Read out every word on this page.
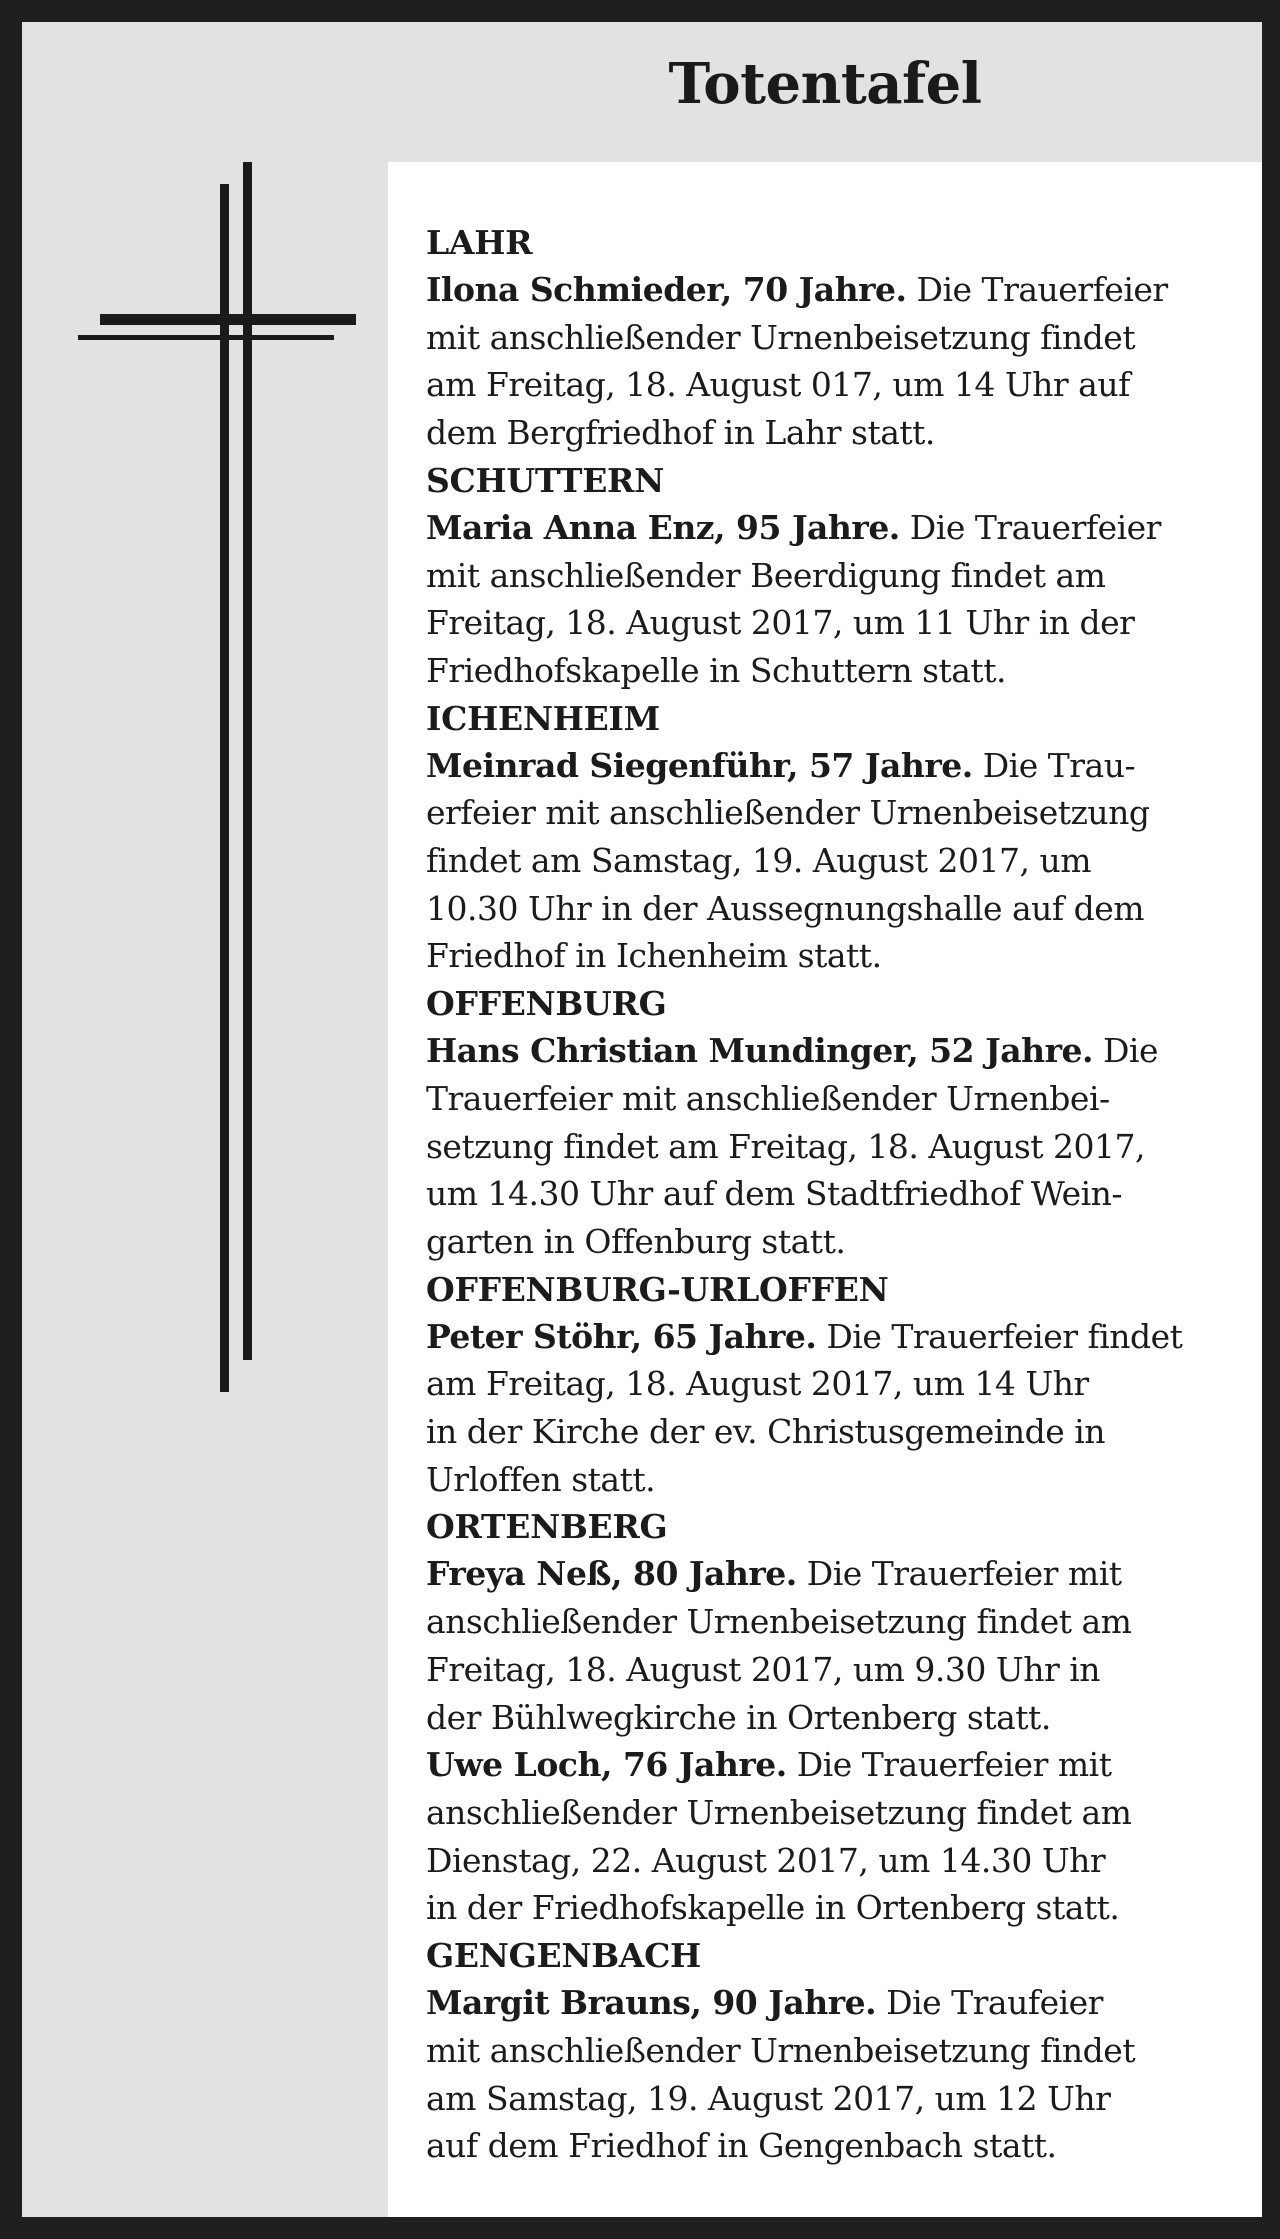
Totentafel
LAHR
Ilona Schmieder, 70 Jahre. Die Trauerfeier
mit anschließender Urnenbeisetzung findet
am Freitag, 18. August 017, um 14 Uhr auf
dem Bergfriedhof in Lahr statt.
SCHUTTERN
Maria Anna Enz, 95 Jahre. Die Trauerfeier
mit anschließender Beerdigung findet am
Freitag, 18. August 2017, um 11 Uhr in der
Friedhofskapelle in Schuttern statt.
ICHENHEIM
Meinrad Siegenführ, 57 Jahre. Die Trau-
erfeier mit anschließender Urnenbeisetzung
findet am Samstag, 19. August 2017, um
10.30 Uhr in der Aussegnungshalle auf dem
Friedhof in Ichenheim statt.
OFFENBURG
Hans Christian Mundinger, 52 Jahre. Die
Trauerfeier mit anschließender Urnenbei-
setzung findet am Freitag, 18. August 2017,
um 14.30 Uhr auf dem Stadtfriedhof Wein-
garten in Offenburg statt.
OFFENBURG-URLOFFEN
Peter Stöhr, 65 Jahre. Die Trauerfeier findet
am Freitag, 18. August 2017, um 14 Uhr
in der Kirche der ev. Christusgemeinde in
Urloffen statt.
ORTENBERG
Freya Neß, 80 Jahre. Die Trauerfeier mit
anschließender Urnenbeisetzung findet am
Freitag, 18. August 2017, um 9.30 Uhr in
der Bühlwegkirche in Ortenberg statt.
Uwe Loch, 76 Jahre. Die Trauerfeier mit
anschließender Urnenbeisetzung findet am
Dienstag, 22. August 2017, um 14.30 Uhr
in der Friedhofskapelle in Ortenberg statt.
GENGENBACH
Margit Brauns, 90 Jahre. Die Traufeier
mit anschließender Urnenbeisetzung findet
am Samstag, 19. August 2017, um 12 Uhr
auf dem Friedhof in Gengenbach statt.
